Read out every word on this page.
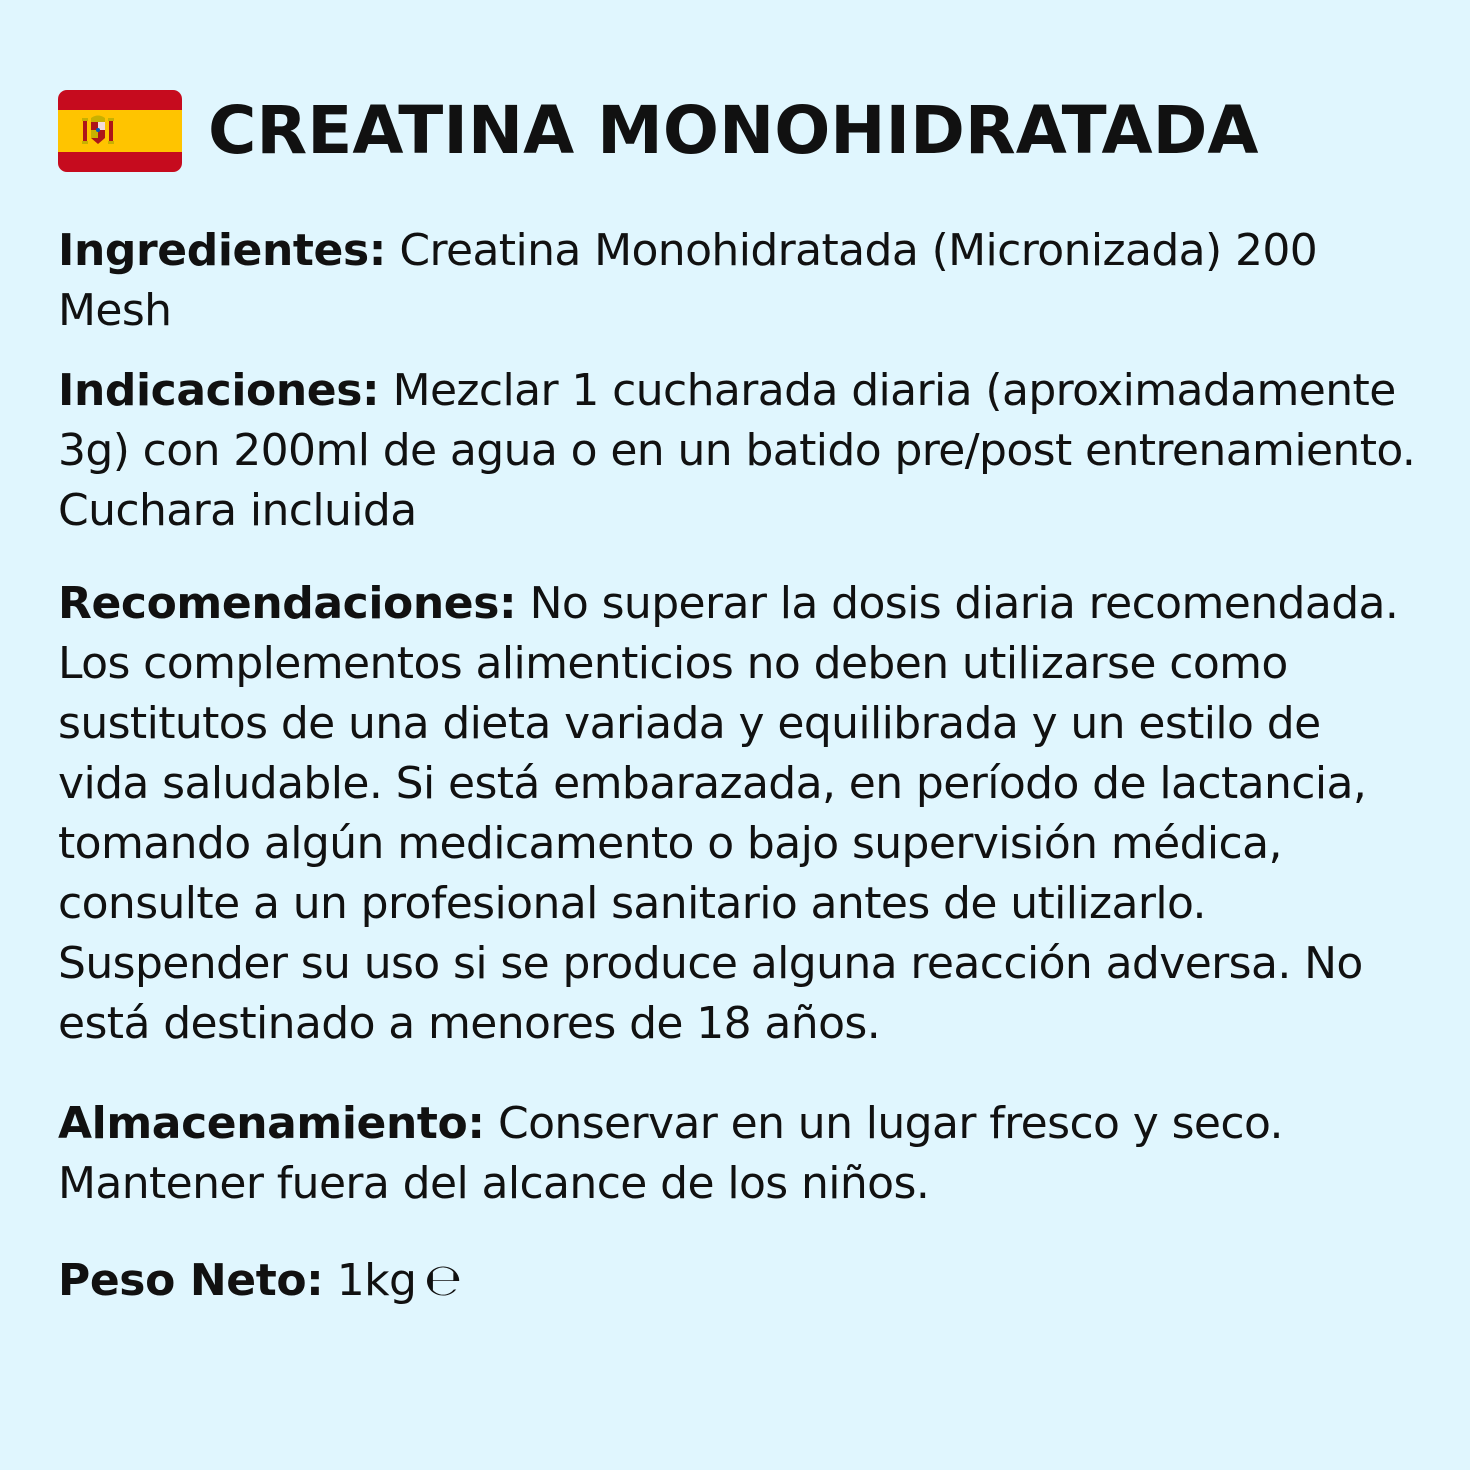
CREATINA MONOHIDRATADA

Ingredientes: Creatina Monohidratada (Micronizada) 200 Mesh

Indicaciones: Mezclar 1 cucharada diaria (aproximadamente 3g) con 200ml de agua o en un batido pre/post entrenamiento. Cuchara incluida

Recomendaciones: No superar la dosis diaria recomendada. Los complementos alimenticios no deben utilizarse como sustitutos de una dieta variada y equilibrada y un estilo de vida saludable. Si está embarazada, en período de lactancia, tomando algún medicamento o bajo supervisión médica, consulte a un profesional sanitario antes de utilizarlo. Suspender su uso si se produce alguna reacción adversa. No está destinado a menores de 18 años.

Almacenamiento: Conservar en un lugar fresco y seco. Mantener fuera del alcance de los niños.

Peso Neto: 1kg ℮
